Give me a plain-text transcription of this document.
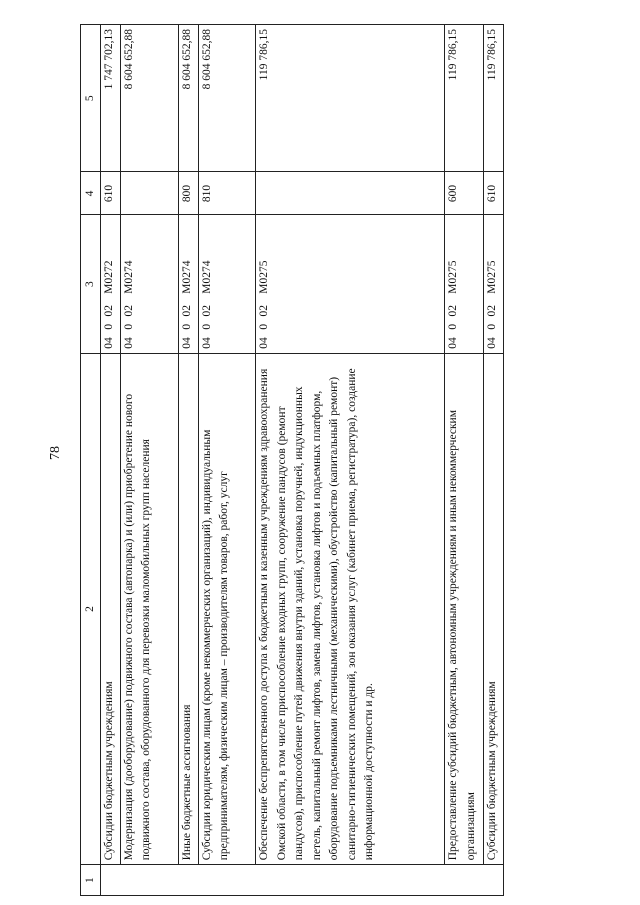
78
1	2	3	4	5
	Субсидии бюджетным учреждениям	04002M0272	610	1 747 702,13
	Модернизация (дооборудование) подвижного состава (автопарка) и (или) приобретение нового подвижного состава, оборудованного для перевозки маломобильных групп населения	04002M0274		8 604 652,88
	Иные бюджетные ассигнования	04002M0274	800	8 604 652,88
	Субсидии юридическим лицам (кроме некоммерческих организаций), индивидуальным предпринимателям, физическим лицам – производителям товаров, работ, услуг	04002M0274	810	8 604 652,88
	Обеспечение беспрепятственного доступа к бюджетным и казенным учреждениям здравоохранения Омской области, в том числе приспособление входных групп, сооружение пандусов (ремонт пандусов), приспособление путей движения внутри зданий, установка поручней, индукционных петель, капитальный ремонт лифтов, замена лифтов, установка лифтов и подъемных платформ, оборудование подъемниками лестничными (механическими), обустройство (капитальный ремонт) санитарно-гигиенических помещений, зон оказания услуг (кабинет приема, регистратура), создание информационной доступности и др.	04002M0275		119 786,15
	Предоставление субсидий бюджетным, автономным учреждениям и иным некоммерческим организациям	04002M0275	600	119 786,15
	Субсидии бюджетным учреждениям	04002M0275	610	119 786,15
